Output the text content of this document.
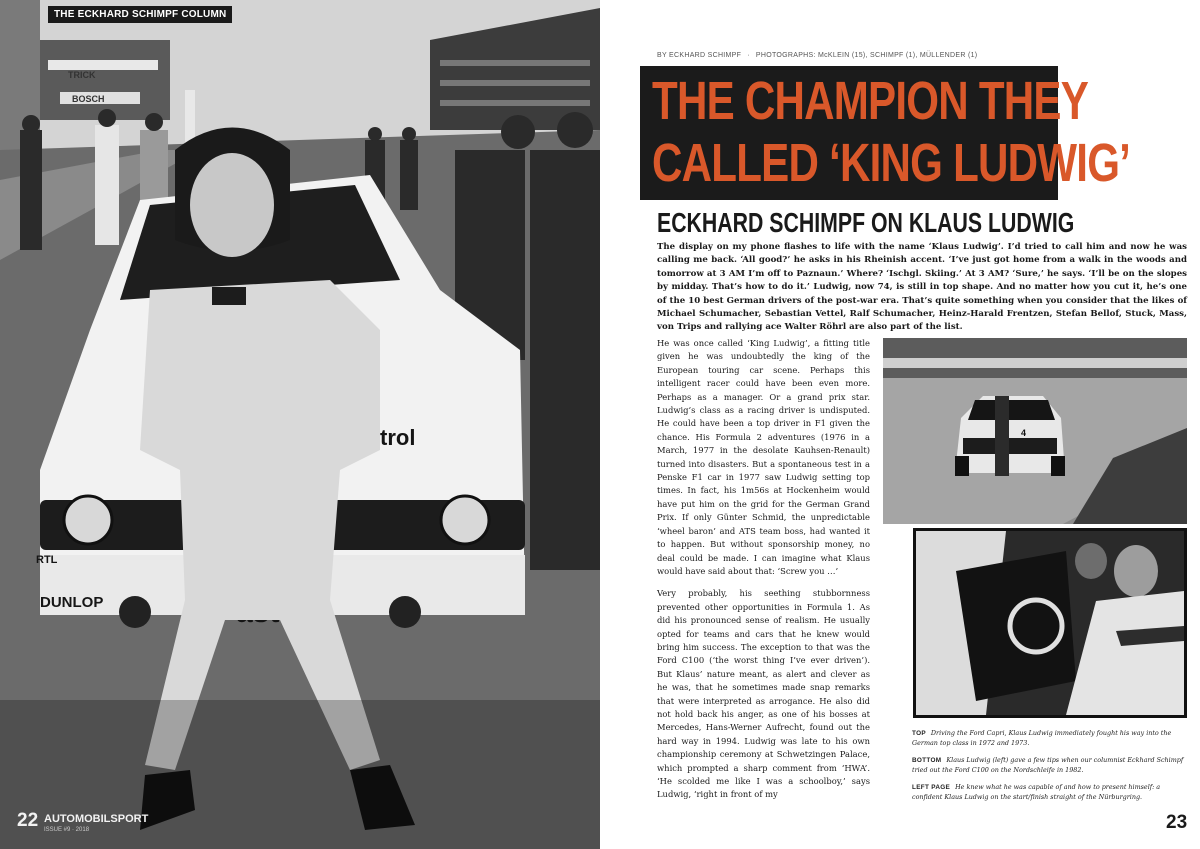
TRICK
BOSCH
DUNLOP
trol
RTL
THE ECKHARD SCHIMPF COLUMN
22 AUTOMOBILSPORT
ISSUE #9 · 2018
BY ECKHARD SCHIMPF · PHOTOGRAPHS: McKLEIN (15), SCHIMPF (1), MÜLLENDER (1)
THE CHAMPION THEY
CALLED ‘KING LUDWIG’
ECKHARD SCHIMPF ON KLAUS LUDWIG
The display on my phone flashes to life with the name ‘Klaus Ludwig’. I’d tried to call him and now he was calling me back. ‘All good?’ he asks in his Rheinish accent. ‘I’ve just got home from a walk in the woods and tomorrow at 3 AM I’m off to Paznaun.’ Where? ‘Ischgl. Skiing.’ At 3 AM? ‘Sure,’ he says. ‘I’ll be on the slopes by midday. That’s how to do it.’ Ludwig, now 74, is still in top shape. And no matter how you cut it, he’s one of the 10 best German drivers of the post-war era. That’s quite something when you consider that the likes of Michael Schumacher, Sebastian Vettel, Ralf Schumacher, Heinz-Harald Frentzen, Stefan Bellof, Stuck, Mass, von Trips and rallying ace Walter Röhrl are also part of the list.

He was once called ‘King Ludwig’, a fitting title given he was undoubtedly the king of the European touring car scene. Perhaps this intelligent racer could have been even more. Perhaps as a manager. Or a grand prix star. Ludwig’s class as a racing driver is undisputed. He could have been a top driver in F1 given the chance. His Formula 2 adventures (1976 in a March, 1977 in the desolate Kauhsen-Renault) turned into disasters. But a spontaneous test in a Penske F1 car in 1977 saw Ludwig setting top times. In fact, his 1m56s at Hockenheim would have put him on the grid for the German Grand Prix. If only Günter Schmid, the unpredictable ‘wheel baron’ and ATS team boss, had wanted it to happen. But without sponsorship money, no deal could be made. I can imagine what Klaus would have said about that: ‘Screw you …’

Very probably, his seething stubbornness prevented other opportunities in Formula 1. As did his pronounced sense of realism. He usually opted for teams and cars that he knew would bring him success. The exception to that was the Ford C100 (‘the worst thing I’ve ever driven’). But Klaus’ nature meant, as alert and clever as he was, that he sometimes made snap remarks that were interpreted as arrogance. He also did not hold back his anger, as one of his bosses at Mercedes, Hans-Werner Aufrecht, found out the hard way in 1994. Ludwig was late to his own championship ceremony at Schwetzingen Palace, which prompted a sharp comment from ‘HWA’. ‘He scolded me like I was a schoolboy,’ says Ludwig, ‘right in front of my

4

TOP Driving the Ford Capri, Klaus Ludwig immediately fought his way into the German top class in 1972 and 1973.

BOTTOM Klaus Ludwig (left) gave a few tips when our columnist Eckhard Schimpf tried out the Ford C100 on the Nordschleife in 1982.

LEFT PAGE He knew what he was capable of and how to present himself: a confident Klaus Ludwig on the start/finish straight of the Nürburgring.

23
